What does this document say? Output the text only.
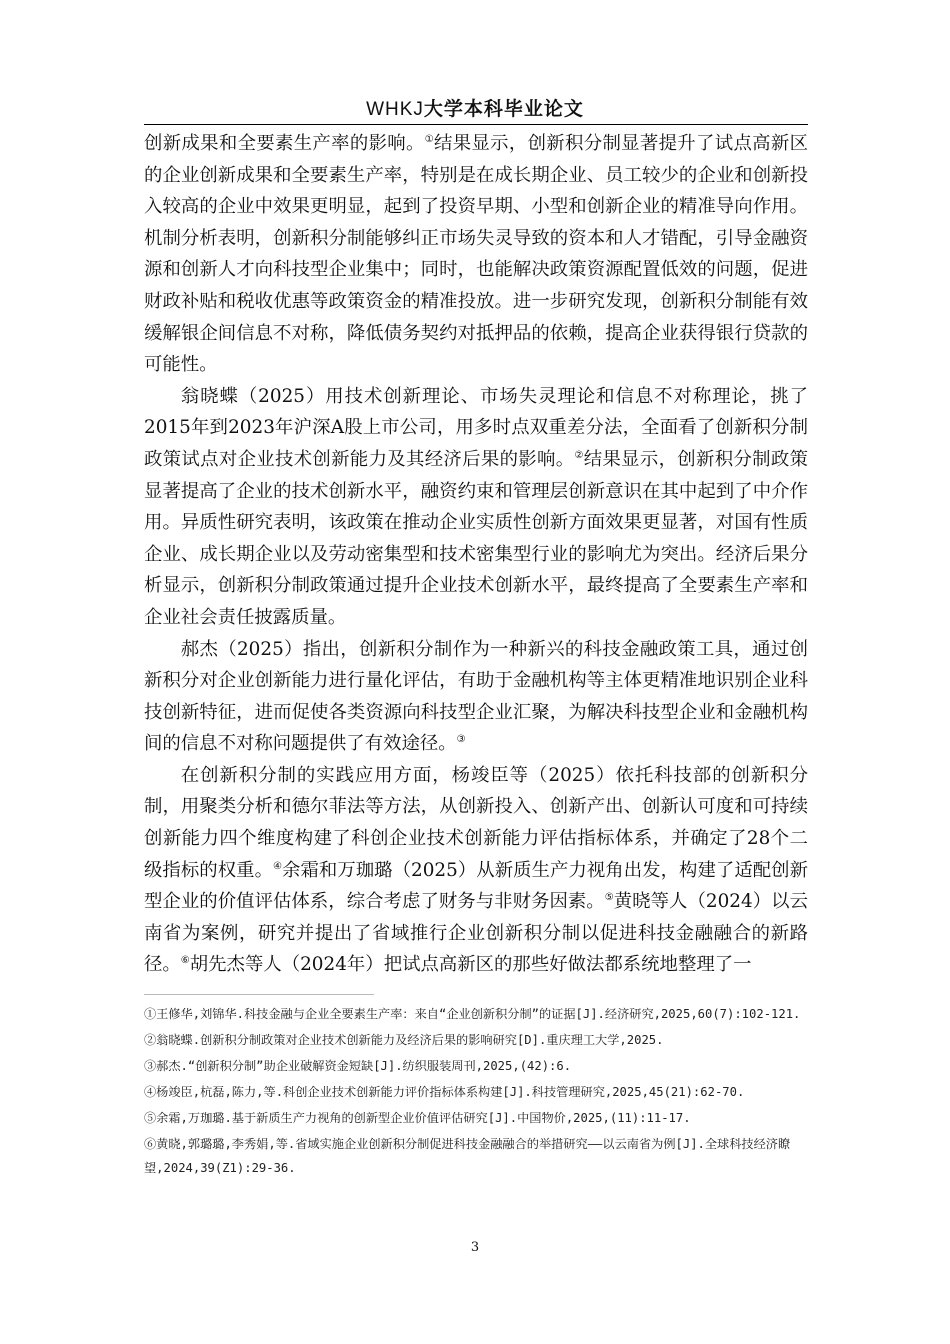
WHKJ大学本科毕业论文

创新成果和全要素生产率的影响。①结果显示，创新积分制显著提升了试点高新区的企业创新成果和全要素生产率，特别是在成长期企业、员工较少的企业和创新投入较高的企业中效果更明显，起到了投资早期、小型和创新企业的精准导向作用。机制分析表明，创新积分制能够纠正市场失灵导致的资本和人才错配，引导金融资源和创新人才向科技型企业集中；同时，也能解决政策资源配置低效的问题，促进财政补贴和税收优惠等政策资金的精准投放。进一步研究发现，创新积分制能有效缓解银企间信息不对称，降低债务契约对抵押品的依赖，提高企业获得银行贷款的可能性。

翁晓蝶（2025）用技术创新理论、市场失灵理论和信息不对称理论，挑了2015年到2023年沪深A股上市公司，用多时点双重差分法，全面看了创新积分制政策试点对企业技术创新能力及其经济后果的影响。②结果显示，创新积分制政策显著提高了企业的技术创新水平，融资约束和管理层创新意识在其中起到了中介作用。异质性研究表明，该政策在推动企业实质性创新方面效果更显著，对国有性质企业、成长期企业以及劳动密集型和技术密集型行业的影响尤为突出。经济后果分析显示，创新积分制政策通过提升企业技术创新水平，最终提高了全要素生产率和企业社会责任披露质量。

郝杰（2025）指出，创新积分制作为一种新兴的科技金融政策工具，通过创新积分对企业创新能力进行量化评估，有助于金融机构等主体更精准地识别企业科技创新特征，进而促使各类资源向科技型企业汇聚，为解决科技型企业和金融机构间的信息不对称问题提供了有效途径。③

在创新积分制的实践应用方面，杨竣臣等（2025）依托科技部的创新积分制，用聚类分析和德尔菲法等方法，从创新投入、创新产出、创新认可度和可持续创新能力四个维度构建了科创企业技术创新能力评估指标体系，并确定了28个二级指标的权重。④余霜和万珈璐（2025）从新质生产力视角出发，构建了适配创新型企业的价值评估体系，综合考虑了财务与非财务因素。⑤黄晓等人（2024）以云南省为案例，研究并提出了省域推行企业创新积分制以促进科技金融融合的新路径。⑥胡先杰等人（2024年）把试点高新区的那些好做法都系统地整理了一

①王修华,刘锦华.科技金融与企业全要素生产率：来自“企业创新积分制”的证据[J].经济研究,2025,60(7):102-121.
②翁晓蝶.创新积分制政策对企业技术创新能力及经济后果的影响研究[D].重庆理工大学,2025.
③郝杰.“创新积分制”助企业破解资金短缺[J].纺织服装周刊,2025,(42):6.
④杨竣臣,杭磊,陈力,等.科创企业技术创新能力评价指标体系构建[J].科技管理研究,2025,45(21):62-70.
⑤余霜,万珈璐.基于新质生产力视角的创新型企业价值评估研究[J].中国物价,2025,(11):11-17.
⑥黄晓,郭璐璐,李秀娟,等.省域实施企业创新积分制促进科技金融融合的举措研究——以云南省为例[J].全球科技经济瞭望,2024,39(Z1):29-36.
3
